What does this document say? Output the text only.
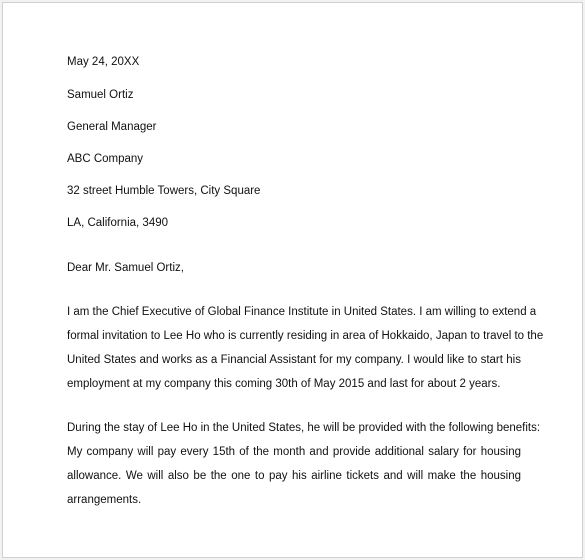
May 24, 20XX
Samuel Ortiz
General Manager
ABC Company
32 street Humble Towers, City Square
LA, California, 3490
Dear Mr. Samuel Ortiz,

I am the Chief Executive of Global Finance Institute in United States. I am willing to extend a

formal invitation to Lee Ho who is currently residing in area of Hokkaido, Japan to travel to the

United States and works as a Financial Assistant for my company. I would like to start his

employment at my company this coming 30th of May 2015 and last for about 2 years.

During the stay of Lee Ho in the United States, he will be provided with the following benefits:

My company will pay every 15th of the month and provide additional salary for housing

allowance. We will also be the one to pay his airline tickets and will make the housing

arrangements.
